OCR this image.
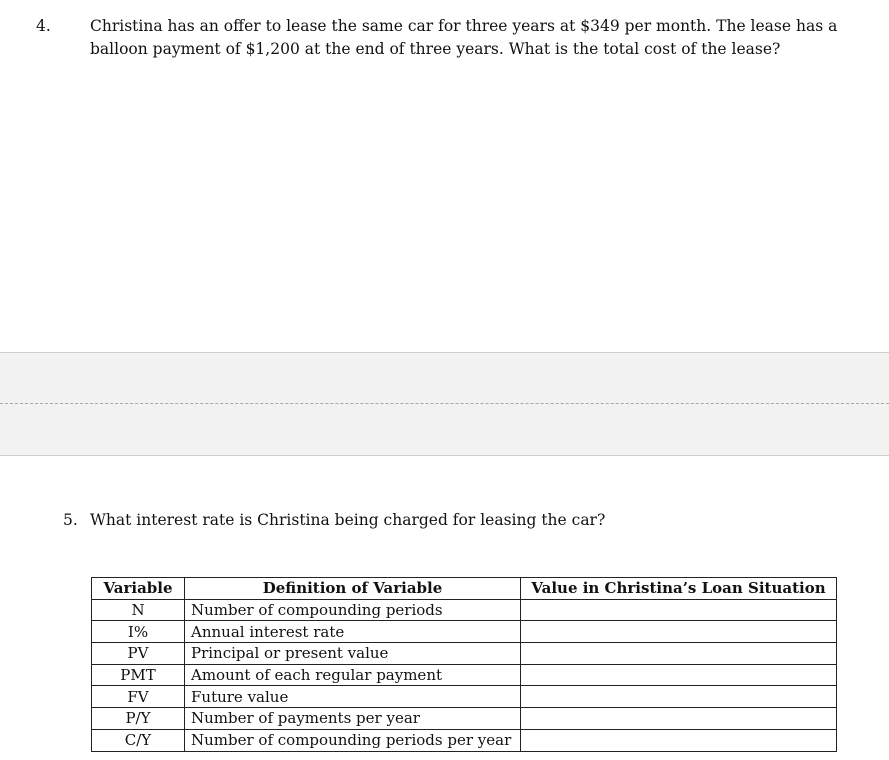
4.	Christina has an offer to lease the same car for three years at $349 per month. The lease has a balloon payment of $1,200 at the end of three years. What is the total cost of the lease?
5. What interest rate is Christina being charged for leasing the car?
Variable	Definition of Variable	Value in Christina’s Loan Situation
N	Number of compounding periods	
I%	Annual interest rate	
PV	Principal or present value	
PMT	Amount of each regular payment	
FV	Future value	
P/Y	Number of payments per year	
C/Y	Number of compounding periods per year	
